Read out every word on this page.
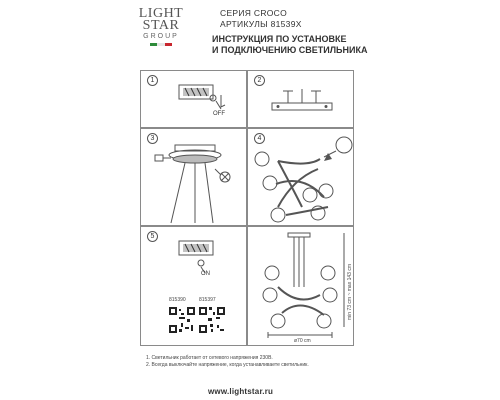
LIGHT
STAR
GROUP
СЕРИЯ CROCO
АРТИКУЛЫ 81539X
ИНСТРУКЦИЯ ПО УСТАНОВКЕ
И ПОДКЛЮЧЕНИЮ СВЕТИЛЬНИКА
1
OFF
2
3	4
5
ON
815390	815397	min 73 cm ~ max 143 cm
ø70 cm
1. Светильник работает от сетевого напряжения 230В.
2. Всегда выключайте напряжение, когда устанавливаете светильник.
www.lightstar.ru
